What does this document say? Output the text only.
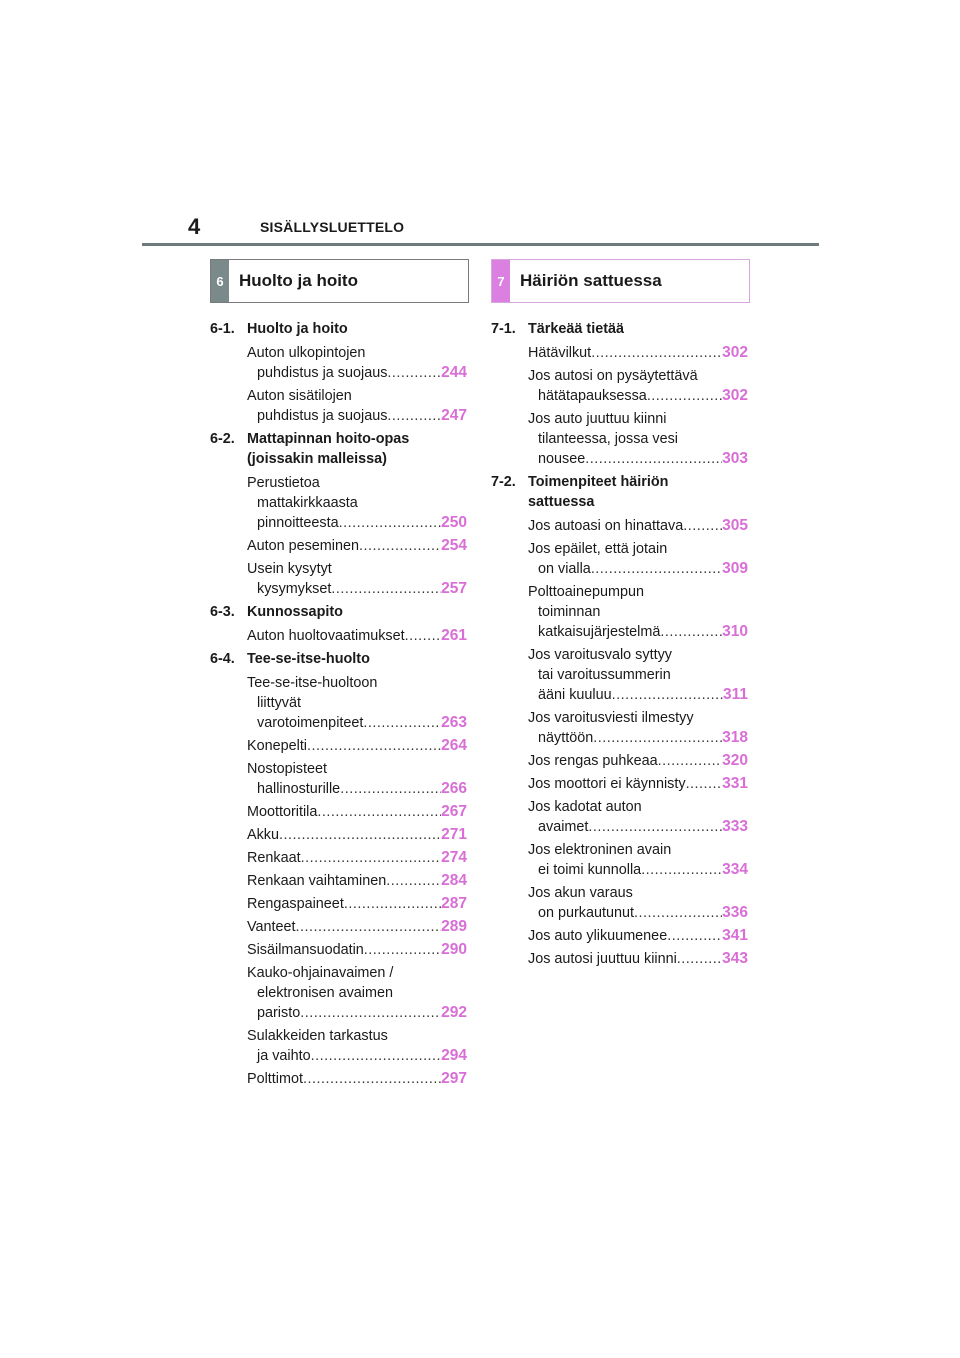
4	SISÄLLYSLUETTELO
6 Huolto ja hoito	7 Häiriön sattuessa
6-1. Huolto ja hoito
Auton ulkopintojen
puhdistus ja suojaus .....	244
Auton sisätilojen
puhdistus ja suojaus .....	247
6-2. Mattapinnan hoito-opas
(joissakin malleissa)
Perustietoa
mattakirkkaasta
pinnoitteesta .....	250
Auton peseminen .....	254
Usein kysytyt
kysymykset .....	257
6-3. Kunnossapito
Auton huoltovaatimukset ..... 261
6-4. Tee-se-itse-huolto
Tee-se-itse-huoltoon
liittyvät
varotoimenpiteet .....	263
Konepelti .....	264
Nostopisteet
hallinosturille .....	266
Moottoritila .....	267
Akku .....	271
Renkaat .....	274
Renkaan vaihtaminen .....	284
Rengaspaineet .....	287
Vanteet .....	289
Sisäilmansuodatin .....	290
Kauko-ohjainavaimen /
elektronisen avaimen
paristo .....	292
Sulakkeiden tarkastus
ja vaihto .....	294
Polttimot .....	297
7-1. Tärkeää tietää
Hätävilkut .....	302
Jos autosi on pysäytettävä
hätätapauksessa .....	302
Jos auto juuttuu kiinni
tilanteessa, jossa vesi
nousee .....	303
7-2. Toimenpiteet häiriön
sattuessa
Jos autoasi on hinattava .....	305
Jos epäilet, että jotain
on vialla .....	309
Polttoainepumpun
toiminnan
katkaisujärjestelmä .....	310
Jos varoitusvalo syttyy
tai varoitussummerin
ääni kuuluu .....	311
Jos varoitusviesti ilmestyy
näyttöön .....	318
Jos rengas puhkeaa .....	320
Jos moottori ei käynnisty ..... 331
Jos kadotat auton
avaimet .....	333
Jos elektroninen avain
ei toimi kunnolla .....	334
Jos akun varaus
on purkautunut .....	336
Jos auto ylikuumenee .....	341
Jos autosi juuttuu kiinni .....	343
